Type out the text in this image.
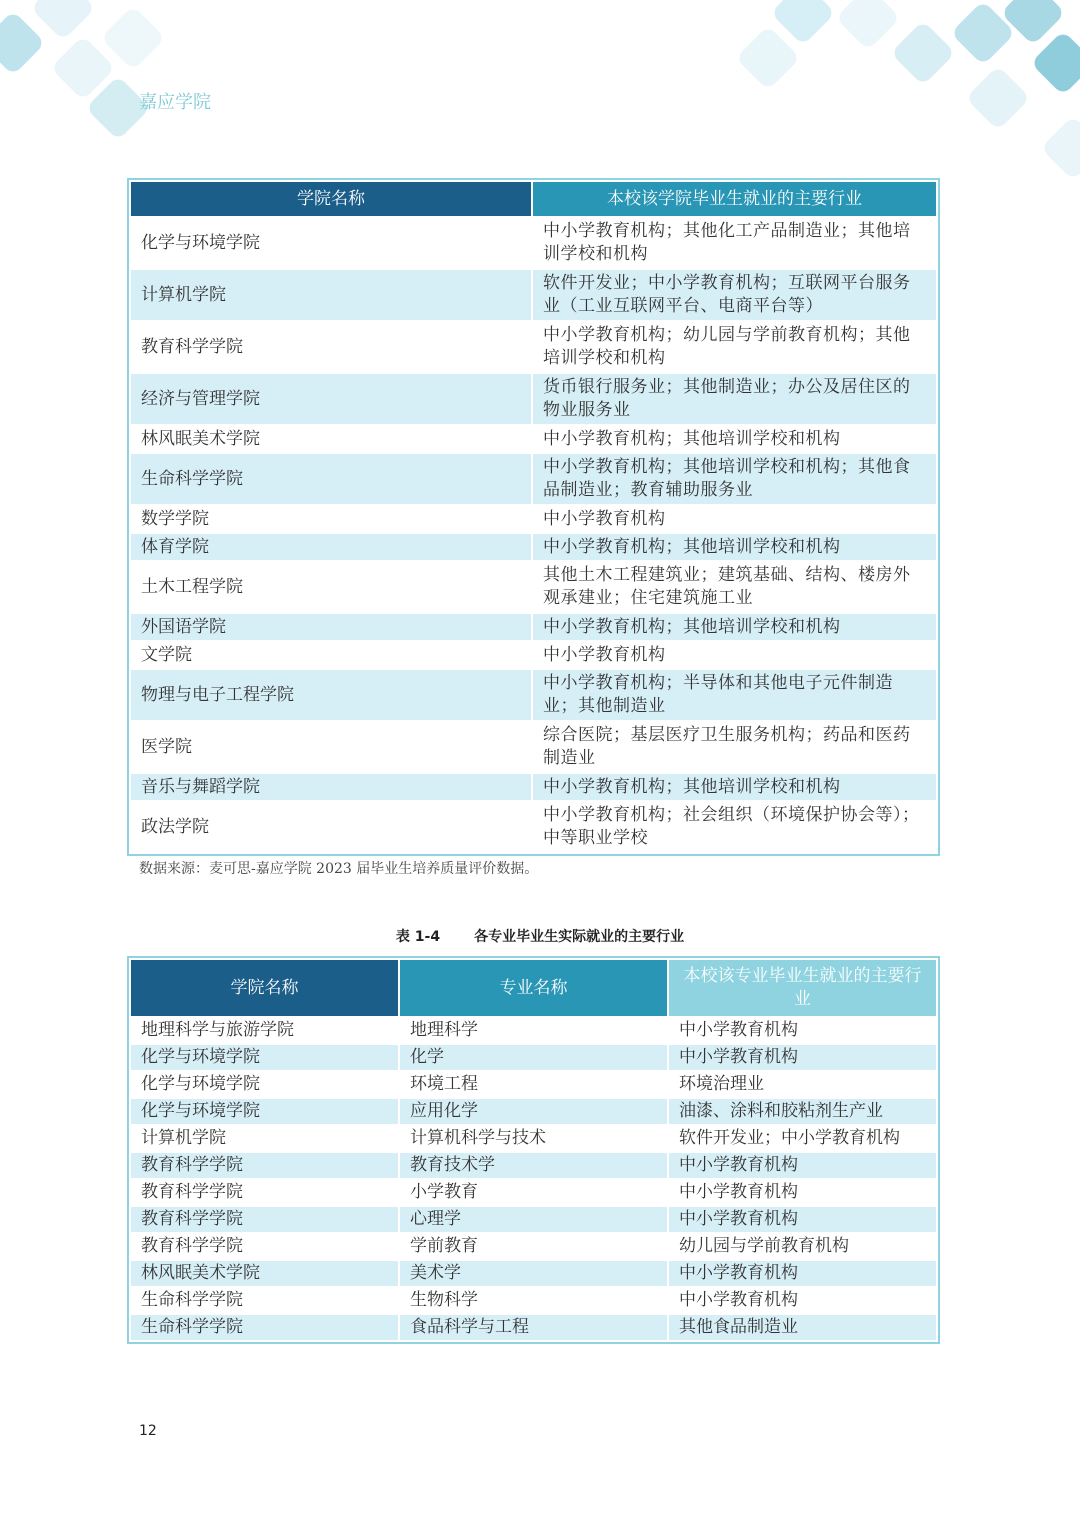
嘉应学院
学院名称	本校该学院毕业生就业的主要行业
化学与环境学院	中小学教育机构；其他化工产品制造业；其他培训学校和机构
计算机学院	软件开发业；中小学教育机构；互联网平台服务业（工业互联网平台、电商平台等）
教育科学学院	中小学教育机构；幼儿园与学前教育机构；其他培训学校和机构
经济与管理学院	货币银行服务业；其他制造业；办公及居住区的物业服务业
林风眠美术学院	中小学教育机构；其他培训学校和机构
生命科学学院	中小学教育机构；其他培训学校和机构；其他食品制造业；教育辅助服务业
数学学院	中小学教育机构
体育学院	中小学教育机构；其他培训学校和机构
土木工程学院	其他土木工程建筑业；建筑基础、结构、楼房外观承建业；住宅建筑施工业
外国语学院	中小学教育机构；其他培训学校和机构
文学院	中小学教育机构
物理与电子工程学院	中小学教育机构；半导体和其他电子元件制造业；其他制造业
医学院	综合医院；基层医疗卫生服务机构；药品和医药制造业
音乐与舞蹈学院	中小学教育机构；其他培训学校和机构
政法学院	中小学教育机构；社会组织（环境保护协会等）；中等职业学校
数据来源：麦可思-嘉应学院 2023 届毕业生培养质量评价数据。
表 1-4 各专业毕业生实际就业的主要行业
学院名称	专业名称	本校该专业毕业生就业的主要行业
地理科学与旅游学院	地理科学	中小学教育机构
化学与环境学院	化学	中小学教育机构
化学与环境学院	环境工程	环境治理业
化学与环境学院	应用化学	油漆、涂料和胶粘剂生产业
计算机学院	计算机科学与技术	软件开发业；中小学教育机构
教育科学学院	教育技术学	中小学教育机构
教育科学学院	小学教育	中小学教育机构
教育科学学院	心理学	中小学教育机构
教育科学学院	学前教育	幼儿园与学前教育机构
林风眠美术学院	美术学	中小学教育机构
生命科学学院	生物科学	中小学教育机构
生命科学学院	食品科学与工程	其他食品制造业
12
